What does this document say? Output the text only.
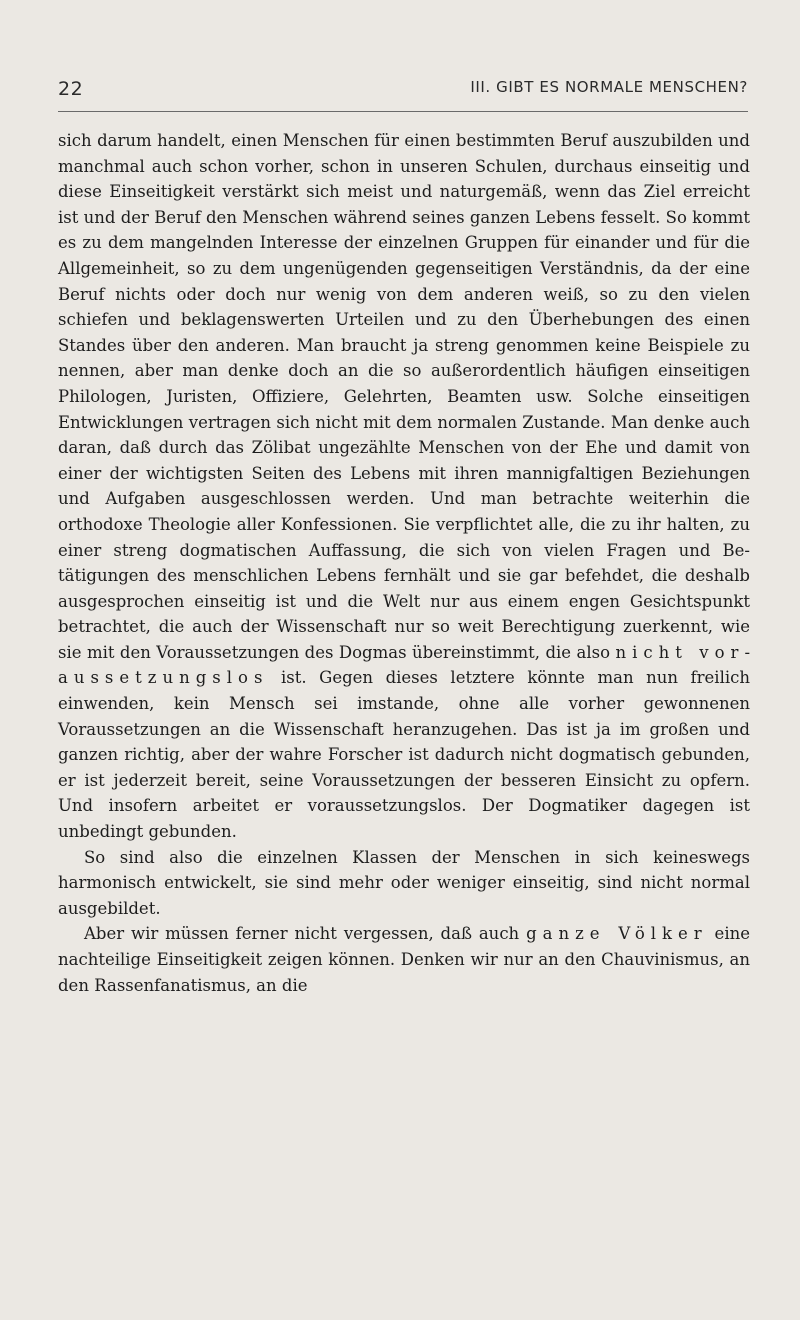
22	III. GIBT ES NORMALE MENSCHEN?

sich darum handelt, einen Menschen für einen bestimmten Beruf auszubilden und manchmal auch schon vorher, schon in unseren Schulen, durchaus einseitig und diese Einseitigkeit verstärkt sich meist und naturgemäß, wenn das Ziel erreicht ist und der Beruf den Menschen während seines ganzen Lebens fesselt. So kommt es zu dem mangelnden Interesse der einzelnen Gruppen für einander und für die Allgemeinheit, so zu dem ungenügenden gegenseitigen Verständnis, da der eine Beruf nichts oder doch nur wenig von dem anderen weiß, so zu den vielen schiefen und beklagenswerten Urteilen und zu den Überhebungen des einen Standes über den anderen. Man braucht ja streng genommen keine Beispiele zu nennen, aber man denke doch an die so außerordentlich häufigen einseitigen Philologen, Juristen, Offiziere, Gelehrten, Beamten usw. Solche einseitigen Entwicklungen vertragen sich nicht mit dem normalen Zustande. Man denke auch daran, daß durch das Zölibat ungezählte Menschen von der Ehe und damit von einer der wichtigsten Seiten des Lebens mit ihren mannigfaltigen Beziehungen und Aufgaben ausgeschlossen werden. Und man betrachte weiterhin die orthodoxe Theologie aller Konfessionen. Sie verpflichtet alle, die zu ihr halten, zu einer streng dogmatischen Auffassung, die sich von vielen Fragen und Betätigungen des menschlichen Lebens fernhält und sie gar befehdet, die deshalb ausgesprochen einseitig ist und die Welt nur aus einem engen Gesichtspunkt betrachtet, die auch der Wissenschaft nur so weit Berechtigung zuerkennt, wie sie mit den Voraussetzungen des Dogmas übereinstimmt, die also nicht voraussetzungslos ist. Gegen dieses letztere könnte man nun freilich einwenden, kein Mensch sei imstande, ohne alle vorher gewonnenen Voraussetzungen an die Wissenschaft heranzugehen. Das ist ja im großen und ganzen richtig, aber der wahre Forscher ist dadurch nicht dogmatisch gebunden, er ist jederzeit bereit, seine Voraussetzungen der besseren Einsicht zu opfern. Und insofern arbeitet er voraussetzungslos. Der Dogmatiker dagegen ist unbedingt gebunden.

So sind also die einzelnen Klassen der Menschen in sich keineswegs harmonisch entwickelt, sie sind mehr oder weniger einseitig, sind nicht normal ausgebildet.

Aber wir müssen ferner nicht vergessen, daß auch ganze Völker eine nachteilige Einseitigkeit zeigen können. Denken wir nur an den Chauvinismus, an den Rassenfanatismus, an die
